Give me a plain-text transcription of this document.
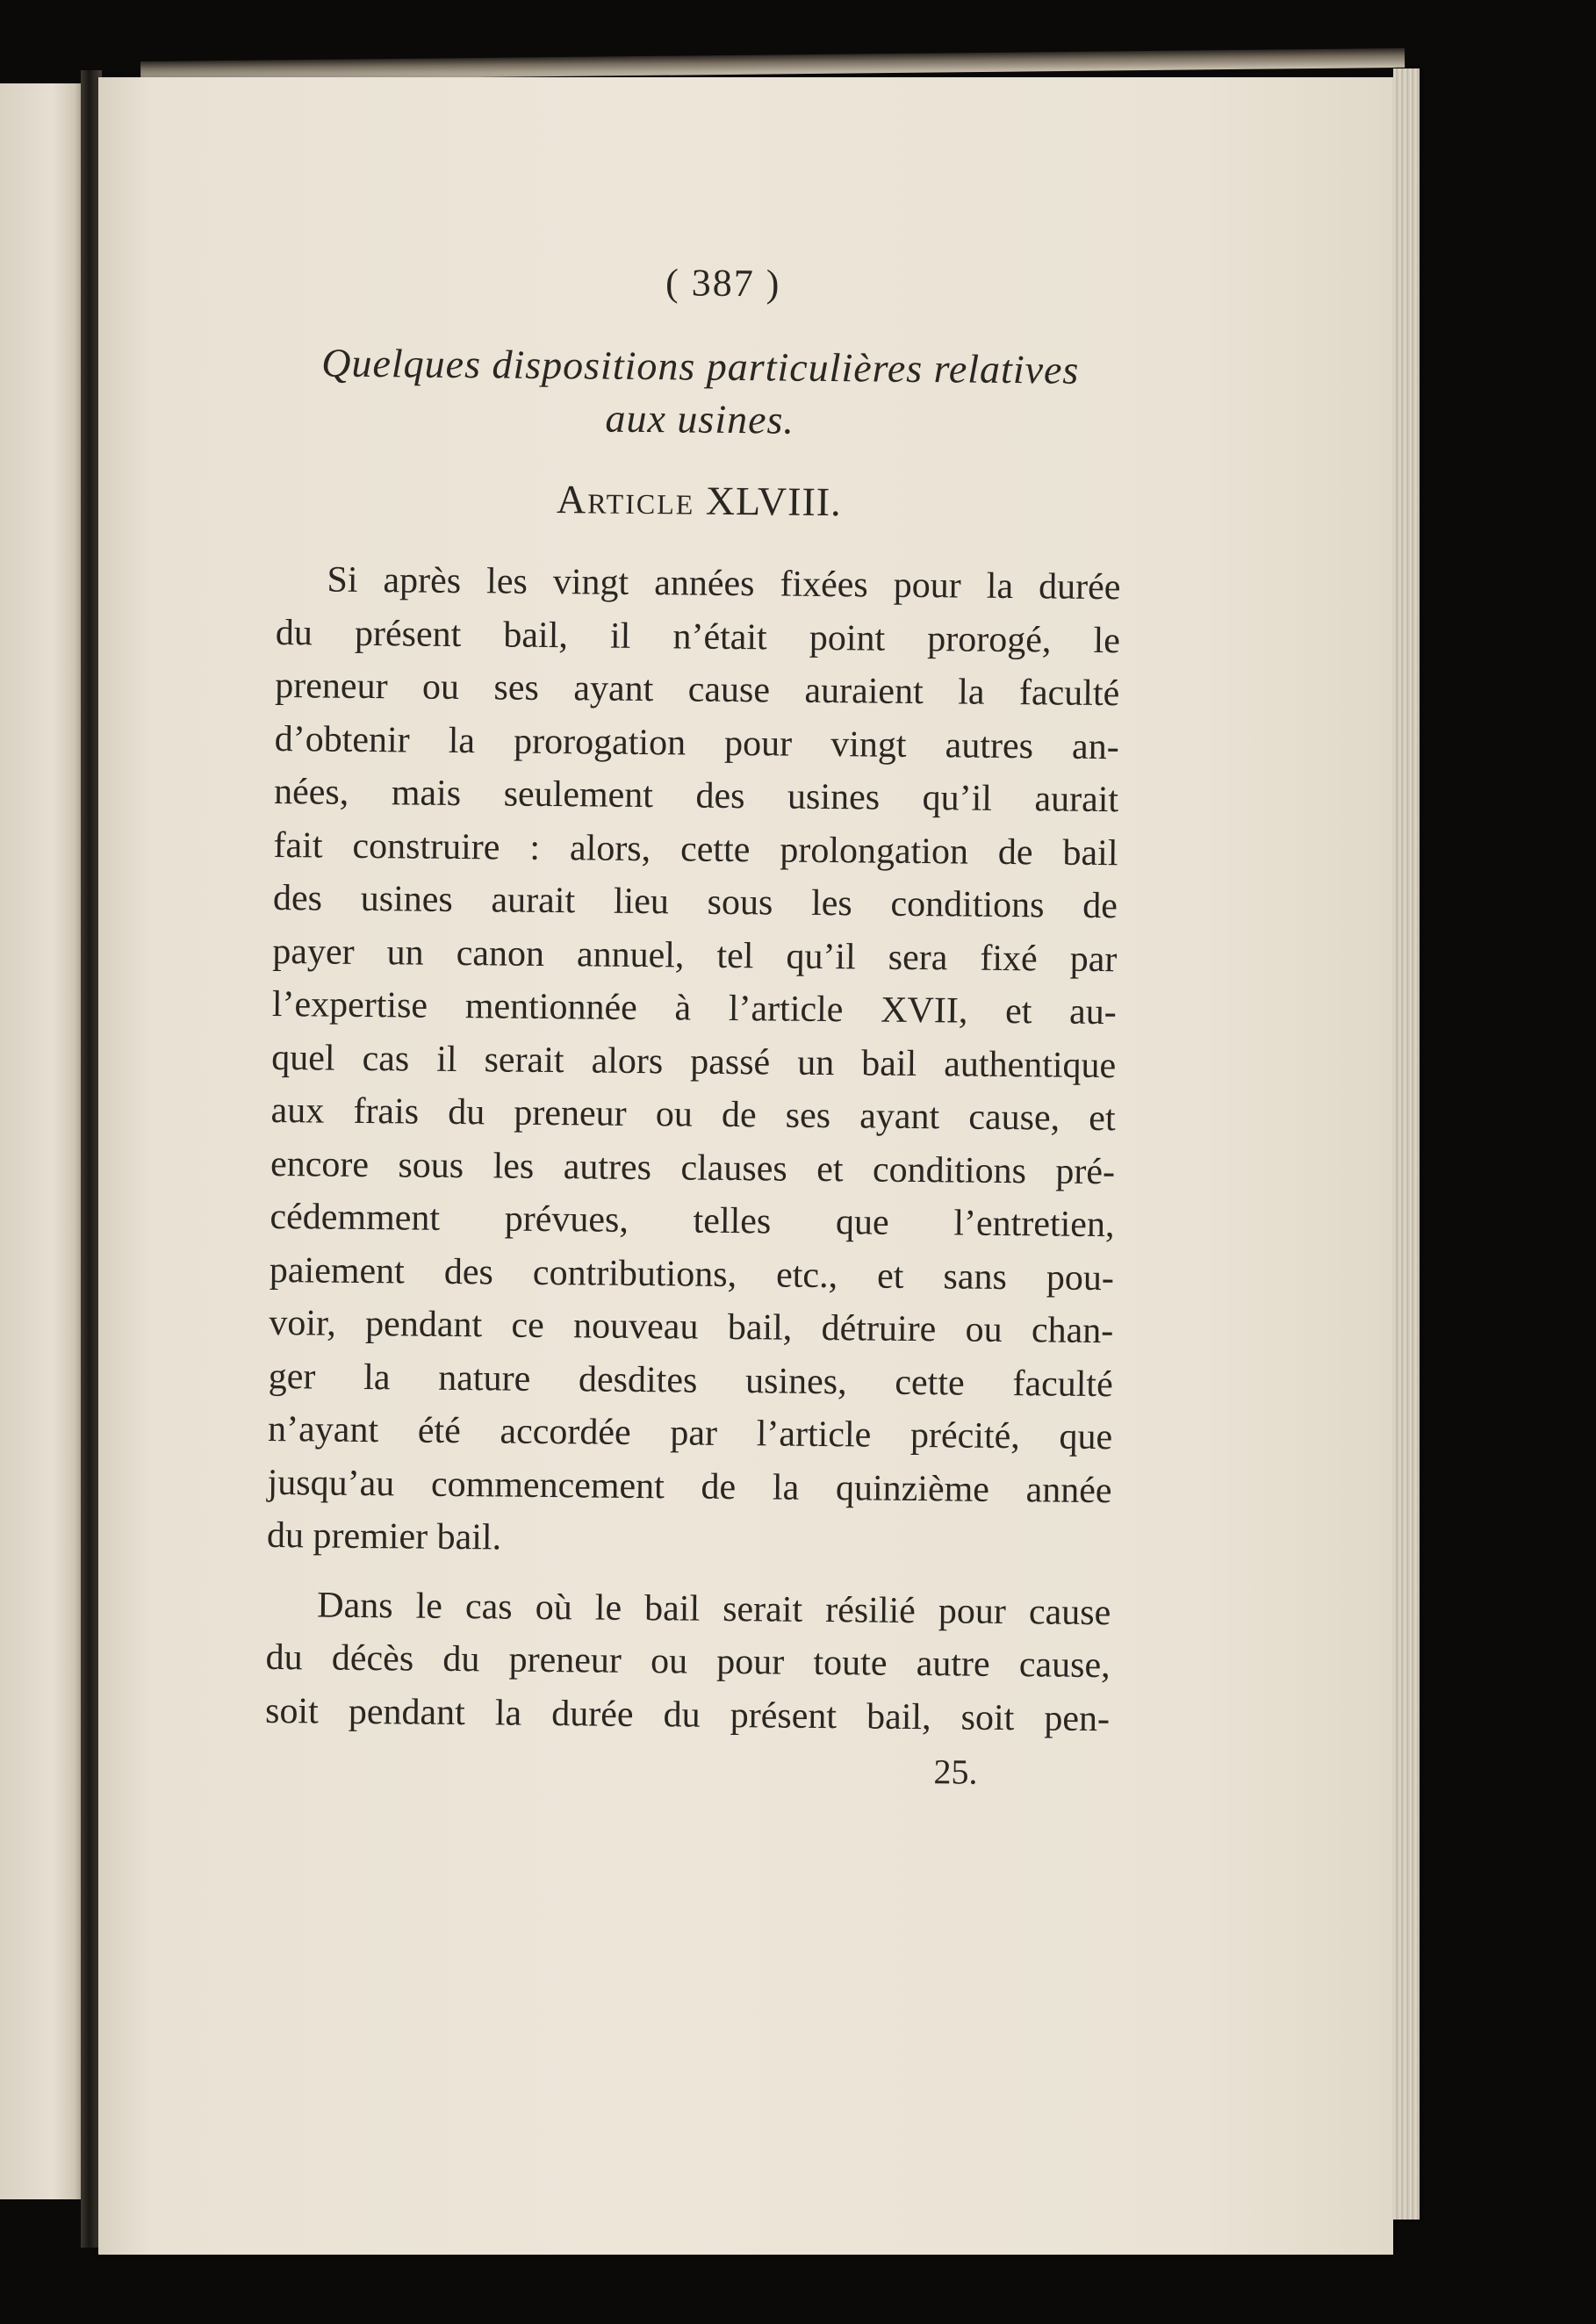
( 387 )
Quelques dispositions particulières relatives
aux usines.
Article XLVIII.
Si après les vingt années fixées pour la durée
du présent bail, il n’était point prorogé, le
preneur ou ses ayant cause auraient la faculté
d’obtenir la prorogation pour vingt autres an-
nées, mais seulement des usines qu’il aurait
fait construire : alors, cette prolongation de bail
des usines aurait lieu sous les conditions de
payer un canon annuel, tel qu’il sera fixé par
l’expertise mentionnée à l’article XVII, et au-
quel cas il serait alors passé un bail authentique
aux frais du preneur ou de ses ayant cause, et
encore sous les autres clauses et conditions pré-
cédemment prévues, telles que l’entretien,
paiement des contributions, etc., et sans pou-
voir, pendant ce nouveau bail, détruire ou chan-
ger la nature desdites usines, cette faculté
n’ayant été accordée par l’article précité, que
jusqu’au commencement de la quinzième année
du premier bail.
Dans le cas où le bail serait résilié pour cause
du décès du preneur ou pour toute autre cause,
soit pendant la durée du présent bail, soit pen-
25.
